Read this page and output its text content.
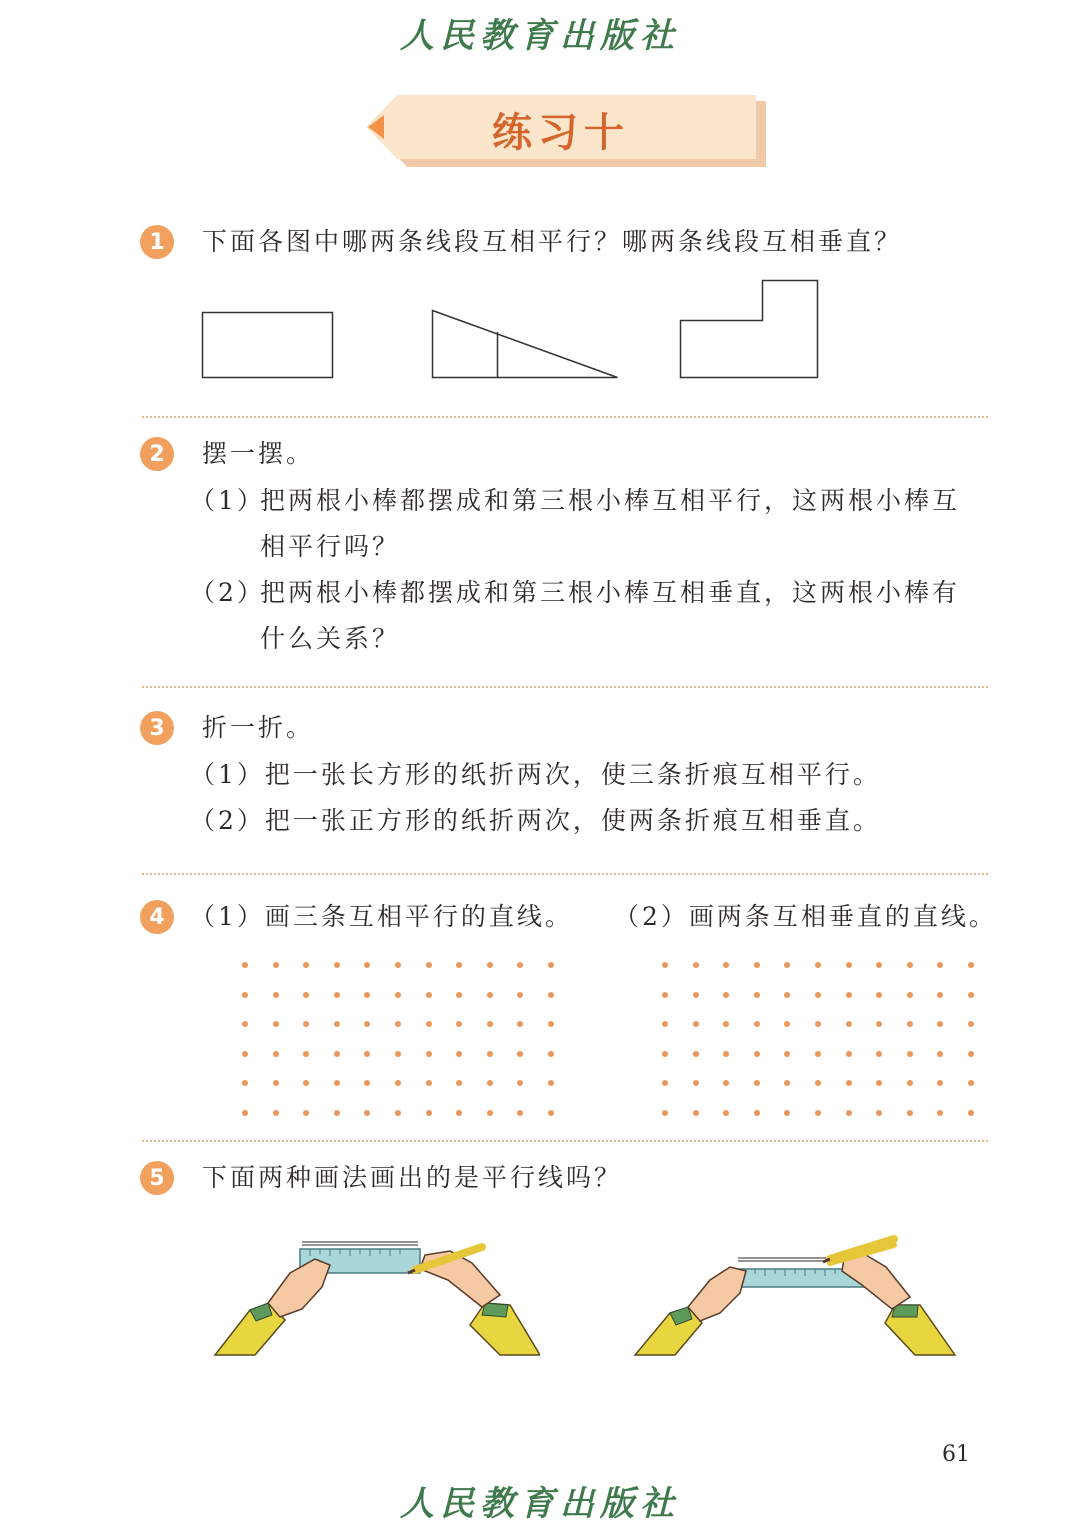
人民教育出版社
练习十
1	下面各图中哪两条线段互相平行？哪两条线段互相垂直？
2	摆一摆。
（1）
把两根小棒都摆成和第三根小棒互相平行，这两根小棒互
相平行吗？
（2）
把两根小棒都摆成和第三根小棒互相垂直，这两根小棒有
什么关系？
3	折一折。
（1）把一张长方形的纸折两次，使三条折痕互相平行。
（2）把一张正方形的纸折两次，使两条折痕互相垂直。
4	（1）画三条互相平行的直线。 （2）画两条互相垂直的直线。
5	下面两种画法画出的是平行线吗？
61
人民教育出版社
